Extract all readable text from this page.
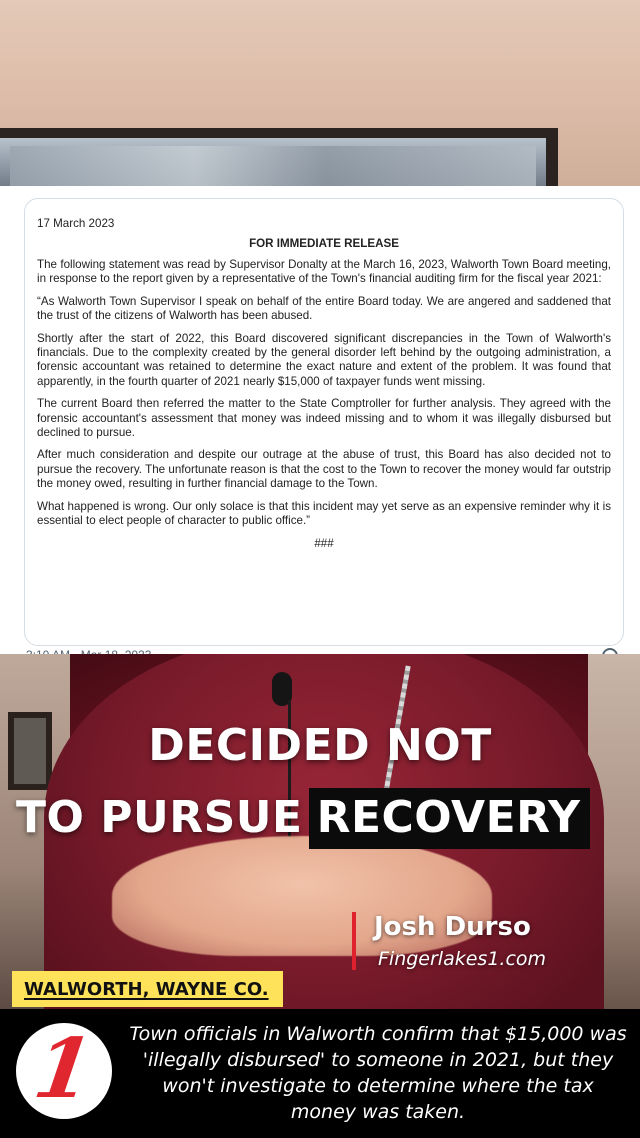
17 March 2023
FOR IMMEDIATE RELEASE

The following statement was read by Supervisor Donalty at the March 16, 2023, Walworth Town Board meeting, in response to the report given by a representative of the Town's financial auditing firm for the fiscal year 2021:

“As Walworth Town Supervisor I speak on behalf of the entire Board today. We are angered and saddened that the trust of the citizens of Walworth has been abused.

Shortly after the start of 2022, this Board discovered significant discrepancies in the Town of Walworth's financials. Due to the complexity created by the general disorder left behind by the outgoing administration, a forensic accountant was retained to determine the exact nature and extent of the problem. It was found that apparently, in the fourth quarter of 2021 nearly $15,000 of taxpayer funds went missing.

The current Board then referred the matter to the State Comptroller for further analysis. They agreed with the forensic accountant's assessment that money was indeed missing and to whom it was illegally disbursed but declined to pursue.

After much consideration and despite our outrage at the abuse of trust, this Board has also decided not to pursue the recovery. The unfortunate reason is that the cost to the Town to recover the money would far outstrip the money owed, resulting in further financial damage to the Town.

What happened is wrong. Our only solace is that this incident may yet serve as an expensive reminder why it is essential to elect people of character to public office.”

###
DECIDED NOT
TO PURSUE RECOVERY
Josh Durso
Fingerlakes1.com
WALWORTH, WAYNE CO.
1 Town officials in Walworth confirm that $15,000 was 'illegally disbursed' to someone in 2021, but they won't investigate to determine where the tax money was taken.
